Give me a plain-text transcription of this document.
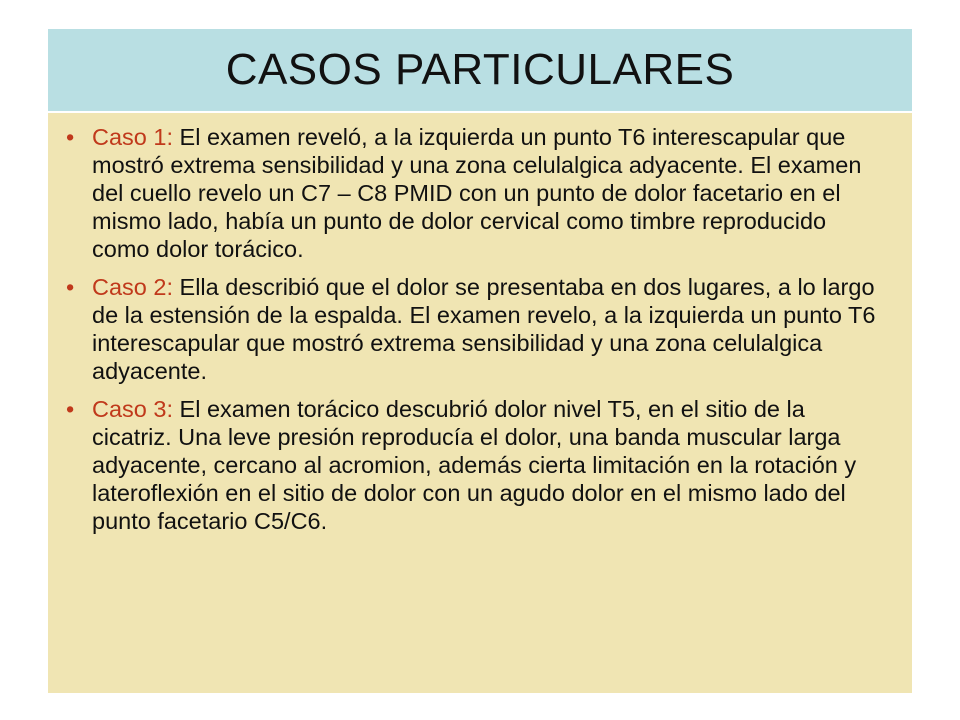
CASOS PARTICULARES
• Caso 1: El examen reveló, a la izquierda un punto T6 interescapular que mostró extrema sensibilidad y una zona celulalgica adyacente. El examen del cuello revelo un C7 – C8 PMID con un punto de dolor facetario en el mismo lado, había un punto de dolor cervical como timbre reproducido como dolor torácico.
• Caso 2: Ella describió que el dolor se presentaba en dos lugares, a lo largo de la estensión de la espalda. El examen revelo, a la izquierda un punto T6 interescapular que mostró extrema sensibilidad y una zona celulalgica adyacente.
• Caso 3: El examen torácico descubrió dolor nivel T5, en el sitio de la cicatriz. Una leve presión reproducía el dolor, una banda muscular larga adyacente, cercano al acromion, además cierta limitación en la rotación y lateroflexión en el sitio de dolor con un agudo dolor en el mismo lado del punto facetario C5/C6.
